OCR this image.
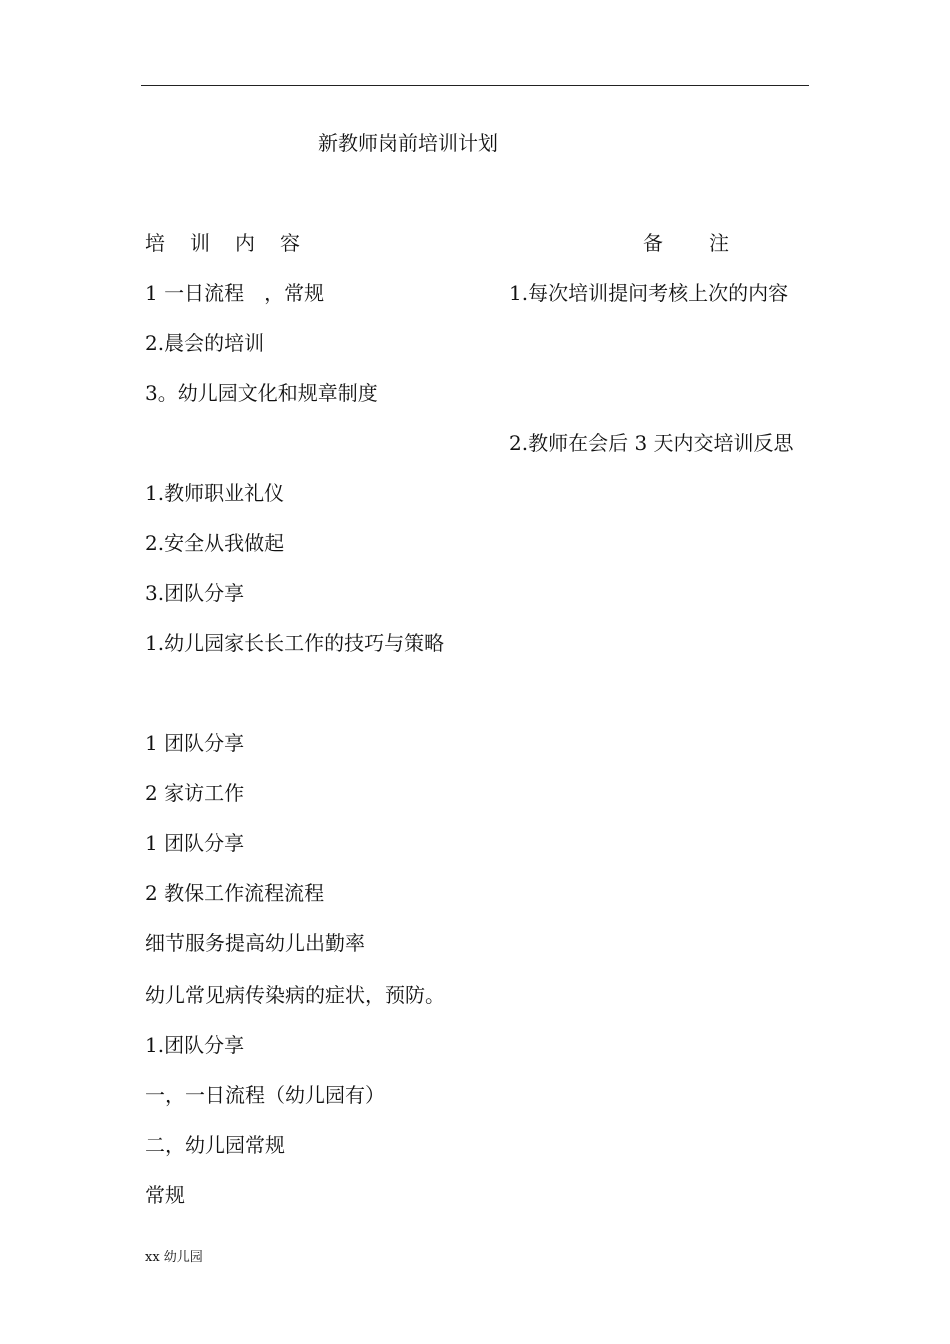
新教师岗前培训计划
培 训 内 容	备 注
1 一日流程　，常规
2.晨会的培训
3。幼儿园文化和规章制度
1.教师职业礼仪
2.安全从我做起
3.团队分享
1.幼儿园家长长工作的技巧与策略
1 团队分享
2 家访工作
1 团队分享
2 教保工作流程流程
细节服务提高幼儿出勤率
幼儿常见病传染病的症状，预防。
1.团队分享
一，一日流程（幼儿园有）
二，幼儿园常规
常规
1.每次培训提问考核上次的内容
2.教师在会后 3 天内交培训反思
xx 幼儿园
